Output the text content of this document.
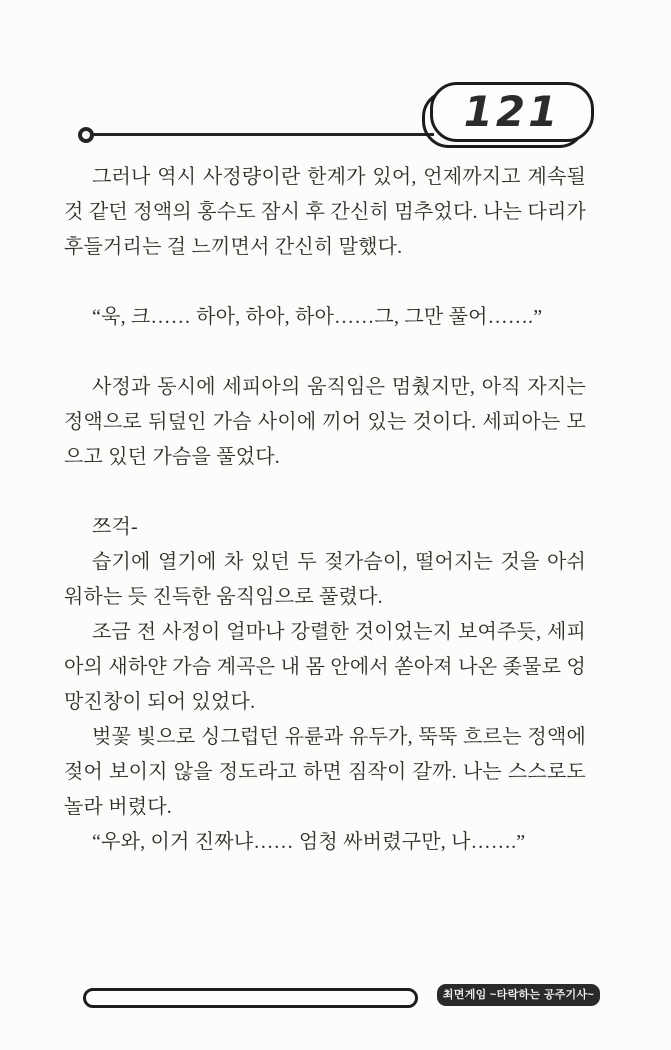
121

그러나 역시 사정량이란 한계가 있어, 언제까지고 계속될 것 같던 정액의 홍수도 잠시 후 간신히 멈추었다. 나는 다리가 후들거리는 걸 느끼면서 간신히 말했다.

“욱, 크…… 하아, 하아, 하아……그, 그만 풀어…….”

사정과 동시에 세피아의 움직임은 멈췄지만, 아직 자지는 정액으로 뒤덮인 가슴 사이에 끼어 있는 것이다. 세피아는 모으고 있던 가슴을 풀었다.

쯔걱-

습기에 열기에 차 있던 두 젖가슴이, 떨어지는 것을 아쉬워하는 듯 진득한 움직임으로 풀렸다.

조금 전 사정이 얼마나 강렬한 것이었는지 보여주듯, 세피아의 새하얀 가슴 계곡은 내 몸 안에서 쏟아져 나온 좆물로 엉망진창이 되어 있었다.

벚꽃 빛으로 싱그럽던 유륜과 유두가, 뚝뚝 흐르는 정액에 젖어 보이지 않을 정도라고 하면 짐작이 갈까. 나는 스스로도 놀라 버렸다.

“우와, 이거 진짜냐…… 엄청 싸버렸구만, 나…….”

최면게임 ~타락하는 공주기사~
